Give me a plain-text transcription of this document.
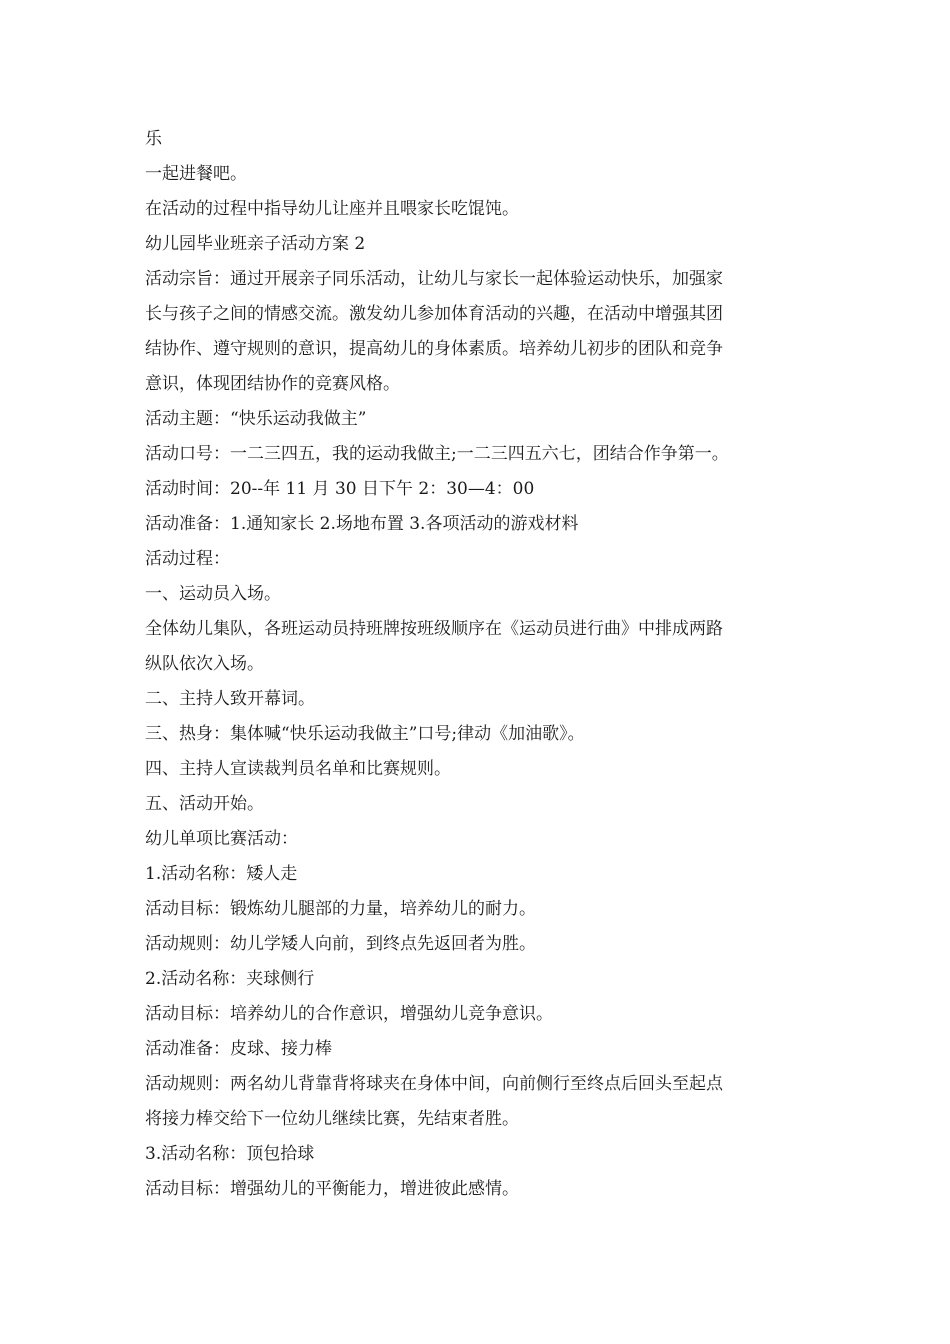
乐
一起进餐吧。
在活动的过程中指导幼儿让座并且喂家长吃馄饨。
幼儿园毕业班亲子活动方案 2
活动宗旨：通过开展亲子同乐活动，让幼儿与家长一起体验运动快乐，加强家
长与孩子之间的情感交流。激发幼儿参加体育活动的兴趣，在活动中增强其团
结协作、遵守规则的意识，提高幼儿的身体素质。培养幼儿初步的团队和竞争
意识，体现团结协作的竞赛风格。
活动主题：“快乐运动我做主”
活动口号：一二三四五，我的运动我做主;一二三四五六七，团结合作争第一。
活动时间：20--年 11 月 30 日下午 2：30—4：00
活动准备：1.通知家长 2.场地布置 3.各项活动的游戏材料
活动过程：
一、运动员入场。
全体幼儿集队，各班运动员持班牌按班级顺序在《运动员进行曲》中排成两路
纵队依次入场。
二、主持人致开幕词。
三、热身：集体喊“快乐运动我做主”口号;律动《加油歌》。
四、主持人宣读裁判员名单和比赛规则。
五、活动开始。
幼儿单项比赛活动：
1.活动名称：矮人走
活动目标：锻炼幼儿腿部的力量，培养幼儿的耐力。
活动规则：幼儿学矮人向前，到终点先返回者为胜。
2.活动名称：夹球侧行
活动目标：培养幼儿的合作意识，增强幼儿竞争意识。
活动准备：皮球、接力棒
活动规则：两名幼儿背靠背将球夹在身体中间，向前侧行至终点后回头至起点
将接力棒交给下一位幼儿继续比赛，先结束者胜。
3.活动名称：顶包拾球
活动目标：增强幼儿的平衡能力，增进彼此感情。
